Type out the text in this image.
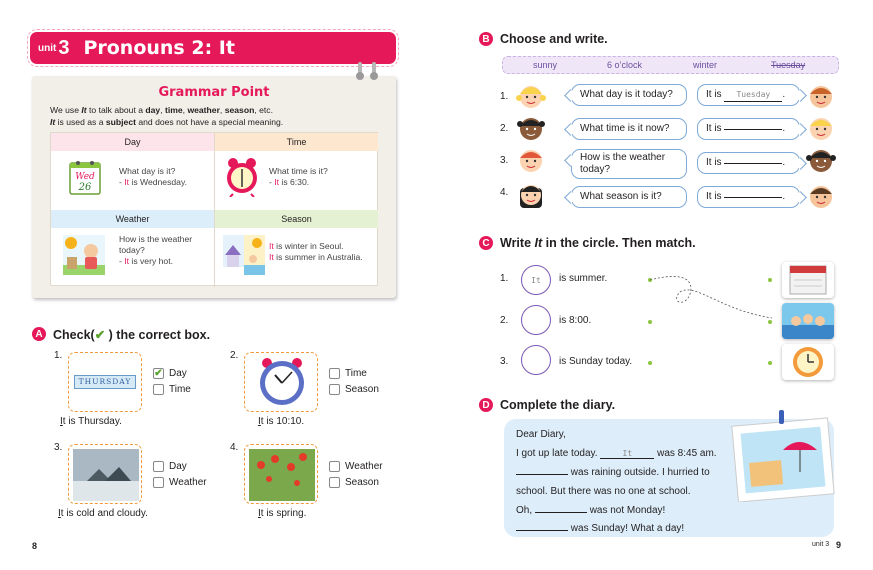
unit 3 Pronouns 2: It
Grammar Point
We use It to talk about a day, time, weather, season, etc.
It is used as a subject and does not have a special meaning.
Day	Time
Weather	Season
Wed
26
What day is it?
- It is Wednesday.
What time is it?
- It is 6:30.
How is the weather
today?
- It is very hot.
It is winter in Seoul.
It is summer in Australia.
A Check(✔ ) the correct box.
1.
THURSDAY
✔ Day
Time
It is Thursday.
2.
Time
Season
It is 10:10.
3.
Day
Weather
It is cold and cloudy.
4.
Weather
Season
It is spring.
8
B Choose and write.
sunny	6 o’clock	winter	Tuesday
1.	What day is it today?	It is
	Tuesday	.
2.	What time is it now?	It is
	.
3.	How is the weather
today?
It is
	.
4.	What season is it?	It is
	.
C Write It in the circle. Then match.
1.	It	is summer.
2.	is 8:00.
3.	is Sunday today.
D Complete the diary.
Dear Diary,
I got up late today.	It was 8:45 am.
was raining outside. I hurried to
school. But there was no one at school.
Oh,	was not Monday!
was Sunday! What a day!
unit 3 9
